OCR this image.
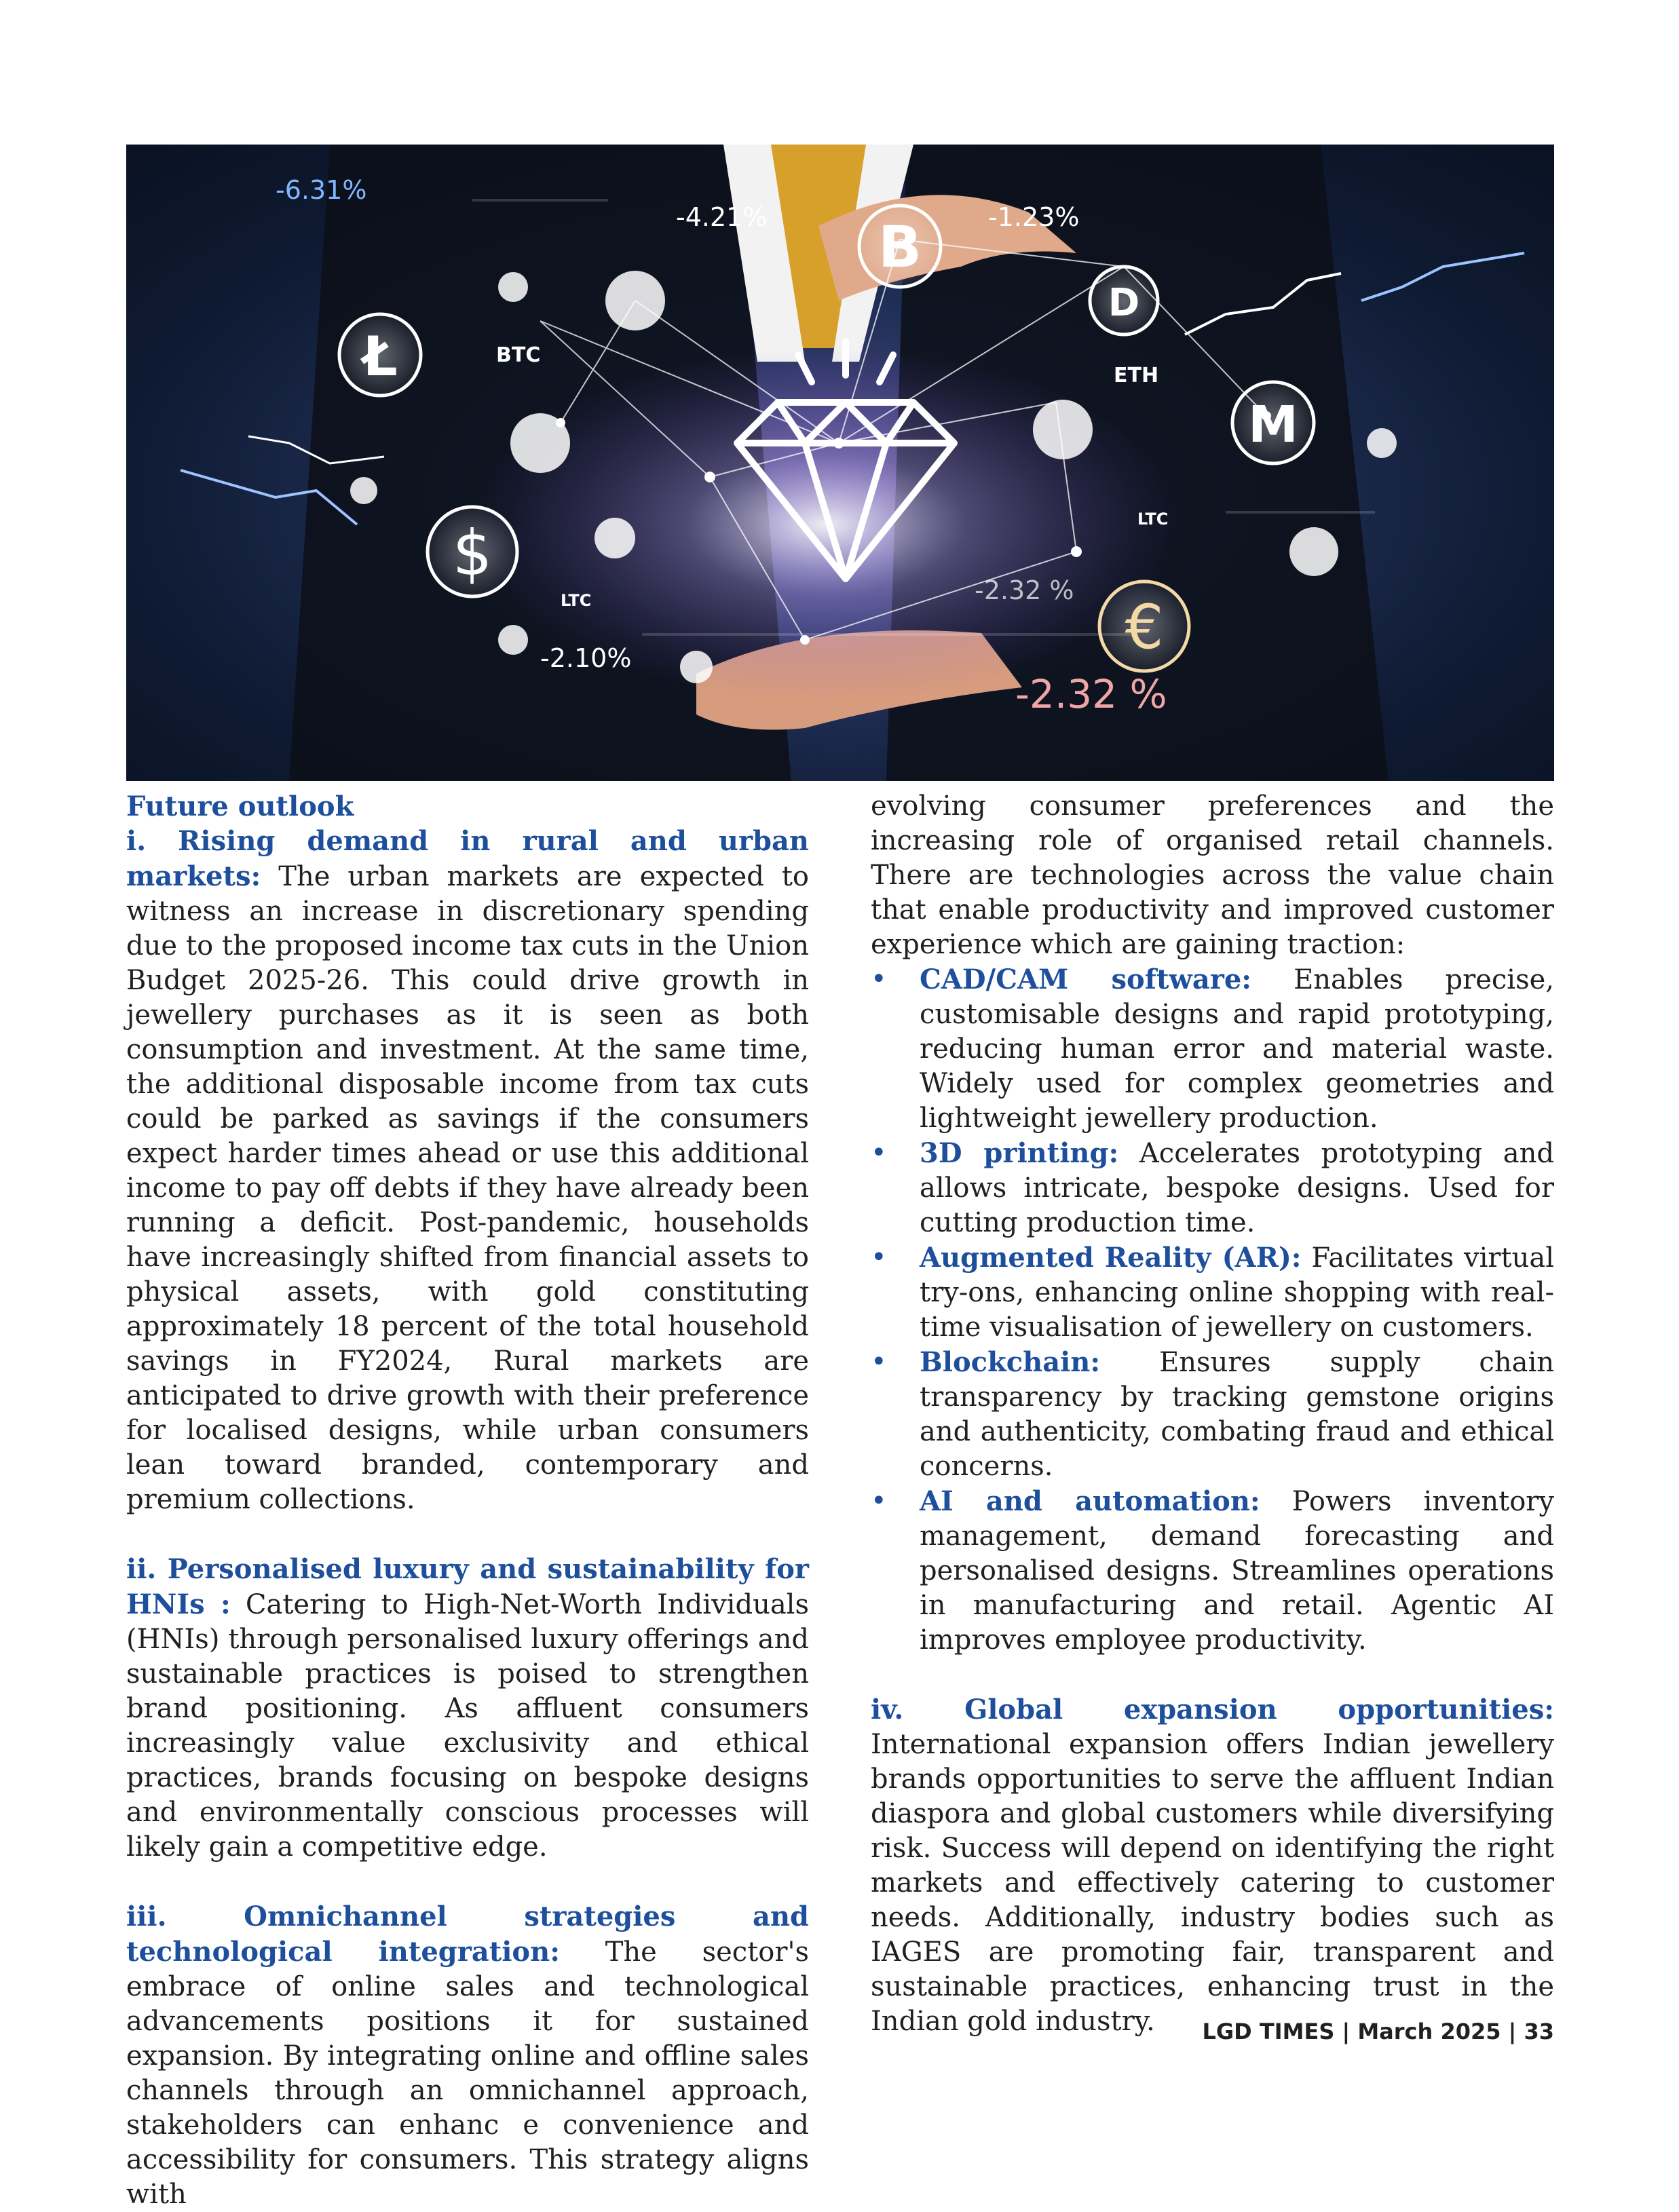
B
Ł
$
€
D
M
-6.31%
-4.21%	-1.23%
-2.10%
-2.32 %
-2.32 %
BTC
ETH
LTC
LTC

Future outlook

i. Rising demand in rural and urban markets: The urban markets are expected to witness an increase in discretionary spending due to the proposed income tax cuts in the Union Budget 2025-26. This could drive growth in jewellery purchases as it is seen as both consumption and investment. At the same time, the additional disposable income from tax cuts could be parked as savings if the consumers expect harder times ahead or use this additional income to pay off debts if they have already been running a deficit. Post-pandemic, households have increasingly shifted from financial assets to physical assets, with gold constituting approximately 18 percent of the total household savings in FY2024, Rural markets are anticipated to drive growth with their preference for localised designs, while urban consumers lean toward branded, contemporary and premium collections.

ii. Personalised luxury and sustainability for HNIs : Catering to High-Net-Worth Individuals (HNIs) through personalised luxury offerings and sustainable practices is poised to strengthen brand positioning. As affluent consumers increasingly value exclusivity and ethical practices, brands focusing on bespoke designs and environmentally conscious processes will likely gain a competitive edge.

iii. Omnichannel strategies and technological integration: The sector's embrace of online sales and technological advancements positions it for sustained expansion. By integrating online and offline sales channels through an omnichannel approach, stakeholders can enhanc e convenience and accessibility for consumers. This strategy aligns with

evolving consumer preferences and the increasing role of organised retail channels. There are technologies across the value chain that enable productivity and improved customer experience which are gaining traction:

• CAD/CAM software: Enables precise, customisable designs and rapid prototyping, reducing human error and material waste. Widely used for complex geometries and lightweight jewellery production.
• 3D printing: Accelerates prototyping and allows intricate, bespoke designs. Used for cutting production time.
• Augmented Reality (AR): Facilitates virtual try-ons, enhancing online shopping with real-time visualisation of jewellery on customers.
• Blockchain: Ensures supply chain transparency by tracking gemstone origins and authenticity, combating fraud and ethical concerns.
• AI and automation: Powers inventory management, demand forecasting and personalised designs. Streamlines operations in manufacturing and retail. Agentic AI improves employee productivity.

iv. Global expansion opportunities: International expansion offers Indian jewellery brands opportunities to serve the affluent Indian diaspora and global customers while diversifying risk. Success will depend on identifying the right markets and effectively catering to customer needs. Additionally, industry bodies such as IAGES are promoting fair, transparent and sustainable practices, enhancing trust in the Indian gold industry.	LGD TIMES | March 2025 | 33
